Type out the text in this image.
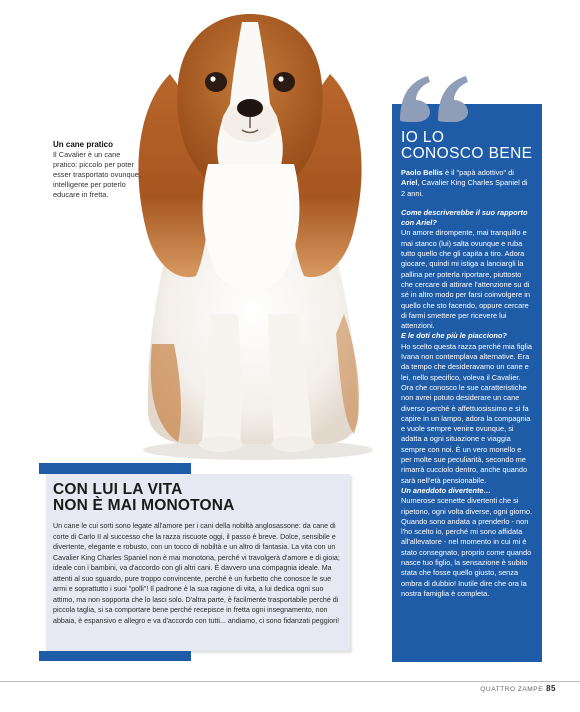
Un cane pratico
Il Cavalier è un cane pratico: piccolo per poter esser trasportato ovunque, intelligente per poterlo educare in fretta.
IO LO
CONOSCO BENE
Paolo Bellis è il "papà adottivo" di Ariel, Cavalier King Charles Spaniel di 2 anni.
Come descriverebbe il suo rapporto con Ariel?
Un amore dirompente, mai tranquillo e mai stanco (lui) salta ovunque e ruba tutto quello che gli capita a tiro. Adora giocare, quindi mi istiga a lanciargli la pallina per poterla riportare, piuttosto che cercare di attirare l'attenzione su di sé in altro modo per farsi coinvolgere in quello che sto facendo, oppure cercare di farmi smettere per ricevere lui attenzioni.
E le doti che più le piacciono?
Ho scelto questa razza perché mia figlia Ivana non contemplava alternative. Era da tempo che desideravamo un cane e lei, nello specifico, voleva il Cavalier. Ora che conosco le sue caratteristiche non avrei potuto desiderare un cane diverso perché è affettuosissimo e si fa capire in un lampo, adora la compagnia e vuole sempre venire ovunque, si adatta a ogni situazione e viaggia sempre con noi. È un vero monello e per molte sue peculiarità, secondo me rimarrà cucciolo dentro, anche quando sarà nell'età pensionabile.
Un aneddoto divertente…
Numerose scenette divertenti che si ripetono, ogni volta diverse, ogni giorno. Quando sono andata a prenderlo - non l'ho scelto io, perché mi sono affidata all'allevatore - nel momento in cui mi è stato consegnato, proprio come quando nasce tuo figlio, la sensazione è subito stata che fosse quello giusto, senza ombra di dubbio! Inutile dire che ora la nostra famiglia è completa.
CON LUI LA VITA
NON È MAI MONOTONA

Un cane le cui sorti sono legate all'amore per i cani della nobiltà anglosassone: da cane di corte di Carlo II al successo che la razza riscuote oggi, il passo è breve. Dolce, sensibile e divertente, elegante e robusto, con un tocco di nobiltà e un altro di fantasia. La vita con un Cavalier King Charles Spaniel non è mai monotona, perché vi travolgerà d'amore e di gioia; ideale con i bambini, va d'accordo con gli altri cani. È davvero una compagnia ideale. Ma attenti al suo sguardo, pure troppo convincente, perché è un furbetto che conosce le sue armi e soprattutto i suoi "polli"! Il padrone è la sua ragione di vita, a lui dedica ogni suo attimo, ma non sopporta che lo lasci solo. D'altra parte, è facilmente trasportabile perché di piccola taglia, si sa comportare bene perché recepisce in fretta ogni insegnamento, non abbaia, è espansivo e allegro e va d'accordo con tutti... andiamo, ci sono fidanzati peggiori!

QUATTRO ZAMPE 85
